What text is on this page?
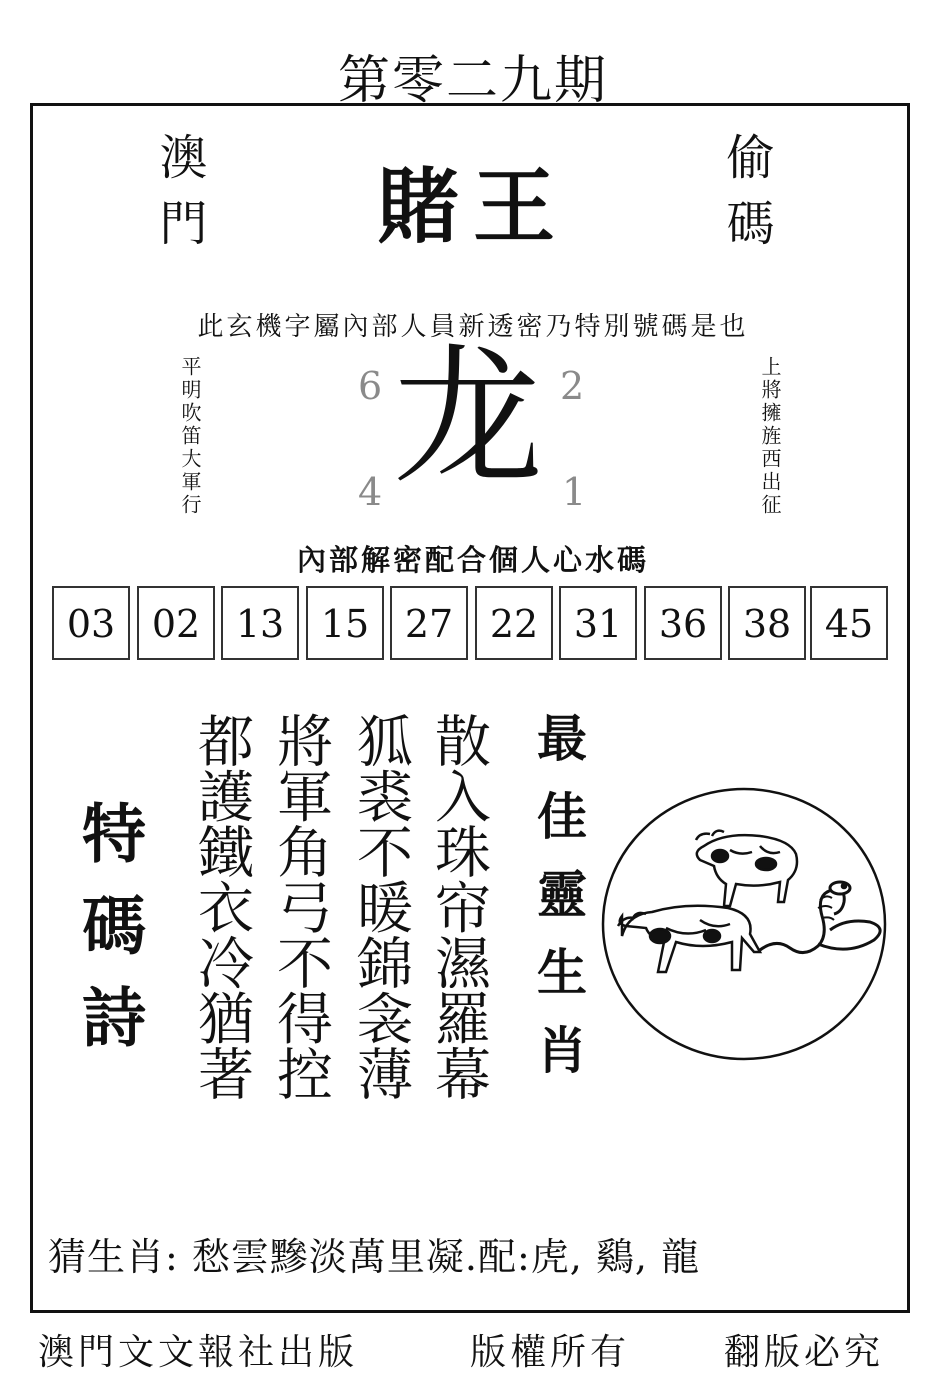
第零二九期
澳門	偷碼
賭王
此玄機字屬內部人員新透密乃特別號碼是也
平明吹笛大軍行	上將擁旌西出征
6	2
4	1
龙
內部解密配合個人心水碼
03 02 13 15 27 22 31 36 38 45
特碼詩	散入珠帘濕羅幕
狐裘不暖錦衾薄
將軍角弓不得控
都護鐵衣冷猶著	最佳靈生肖
猜生肖: 愁雲黲淡萬里凝.配:虎, 鷄, 龍
澳門文文報社出版	版權所有	翻版必究
